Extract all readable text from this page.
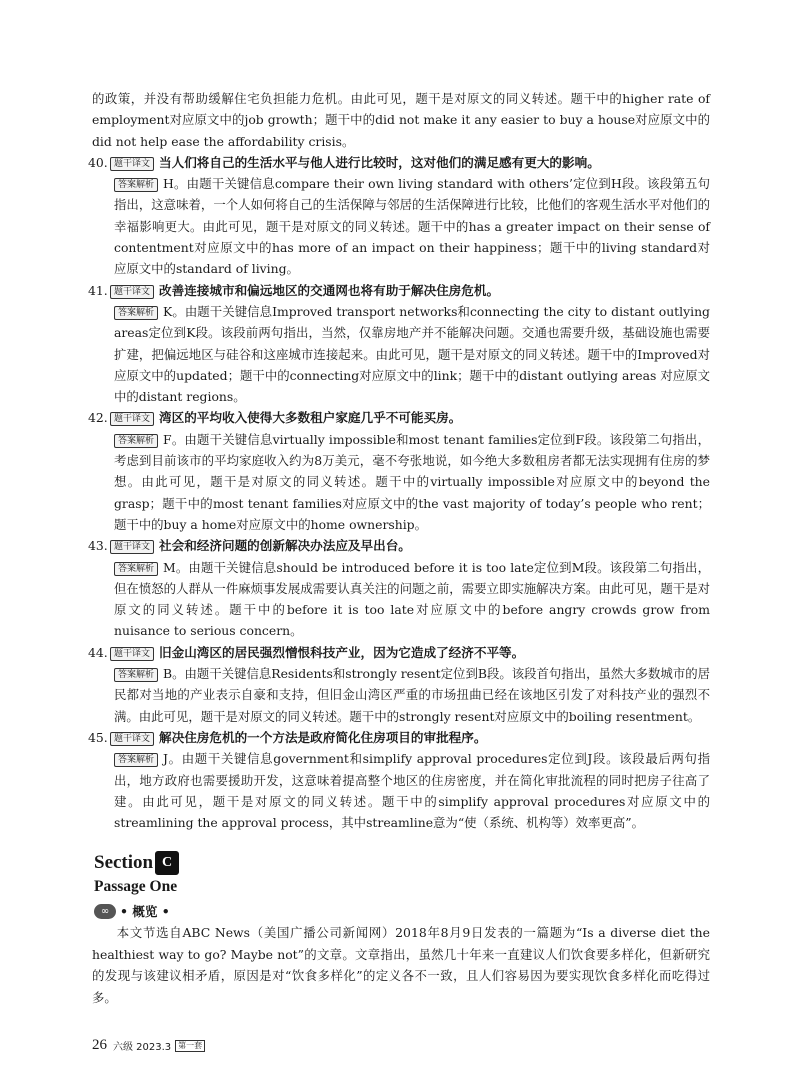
的政策，并没有帮助缓解住宅负担能力危机。由此可见，题干是对原文的同义转述。题干中的higher rate of employment对应原文中的job growth；题干中的did not make it any easier to buy a house对应原文中的did not help ease the affordability crisis。

40. 题干译文 当人们将自己的生活水平与他人进行比较时，这对他们的满足感有更大的影响。

答案解析 H。由题干关键信息compare their own living standard with others’定位到H段。该段第五句指出，这意味着，一个人如何将自己的生活保障与邻居的生活保障进行比较，比他们的客观生活水平对他们的幸福影响更大。由此可见，题干是对原文的同义转述。题干中的has a greater impact on their sense of contentment对应原文中的has more of an impact on their happiness；题干中的living standard对应原文中的standard of living。

41. 题干译文 改善连接城市和偏远地区的交通网也将有助于解决住房危机。

答案解析 K。由题干关键信息Improved transport networks和connecting the city to distant outlying areas定位到K段。该段前两句指出，当然，仅靠房地产并不能解决问题。交通也需要升级，基础设施也需要扩建，把偏远地区与硅谷和这座城市连接起来。由此可见，题干是对原文的同义转述。题干中的Improved对应原文中的updated；题干中的connecting对应原文中的link；题干中的distant outlying areas 对应原文中的distant regions。

42. 题干译文 湾区的平均收入使得大多数租户家庭几乎不可能买房。

答案解析 F。由题干关键信息virtually impossible和most tenant families定位到F段。该段第二句指出，考虑到目前该市的平均家庭收入约为8万美元，毫不夸张地说，如今绝大多数租房者都无法实现拥有住房的梦想。由此可见，题干是对原文的同义转述。题干中的virtually impossible对应原文中的beyond the grasp；题干中的most tenant families对应原文中的the vast majority of today’s people who rent；题干中的buy a home对应原文中的home ownership。

43. 题干译文 社会和经济问题的创新解决办法应及早出台。

答案解析 M。由题干关键信息should be introduced before it is too late定位到M段。该段第二句指出，但在愤怒的人群从一件麻烦事发展成需要认真关注的问题之前，需要立即实施解决方案。由此可见，题干是对原文的同义转述。题干中的before it is too late对应原文中的before angry crowds grow from nuisance to serious concern。

44. 题干译文 旧金山湾区的居民强烈憎恨科技产业，因为它造成了经济不平等。

答案解析 B。由题干关键信息Residents和strongly resent定位到B段。该段首句指出，虽然大多数城市的居民都对当地的产业表示自豪和支持，但旧金山湾区严重的市场扭曲已经在该地区引发了对科技产业的强烈不满。由此可见，题干是对原文的同义转述。题干中的strongly resent对应原文中的boiling resentment。

45. 题干译文 解决住房危机的一个方法是政府简化住房项目的审批程序。

答案解析 J。由题干关键信息government和simplify approval procedures定位到J段。该段最后两句指出，地方政府也需要援助开发，这意味着提高整个地区的住房密度，并在简化审批流程的同时把房子往高了建。由此可见，题干是对原文的同义转述。题干中的simplify approval procedures对应原文中的streamlining the approval process，其中streamline意为“使（系统、机构等）效率更高”。

Section C
Passage One
∞ • 概览 •

本文节选自ABC News（美国广播公司新闻网）2018年8月9日发表的一篇题为“Is a diverse diet the healthiest way to go? Maybe not”的文章。文章指出，虽然几十年来一直建议人们饮食要多样化，但新研究的发现与该建议相矛盾，原因是对“饮食多样化”的定义各不一致，且人们容易因为要实现饮食多样化而吃得过多。

26 六级 2023.3 第一套
